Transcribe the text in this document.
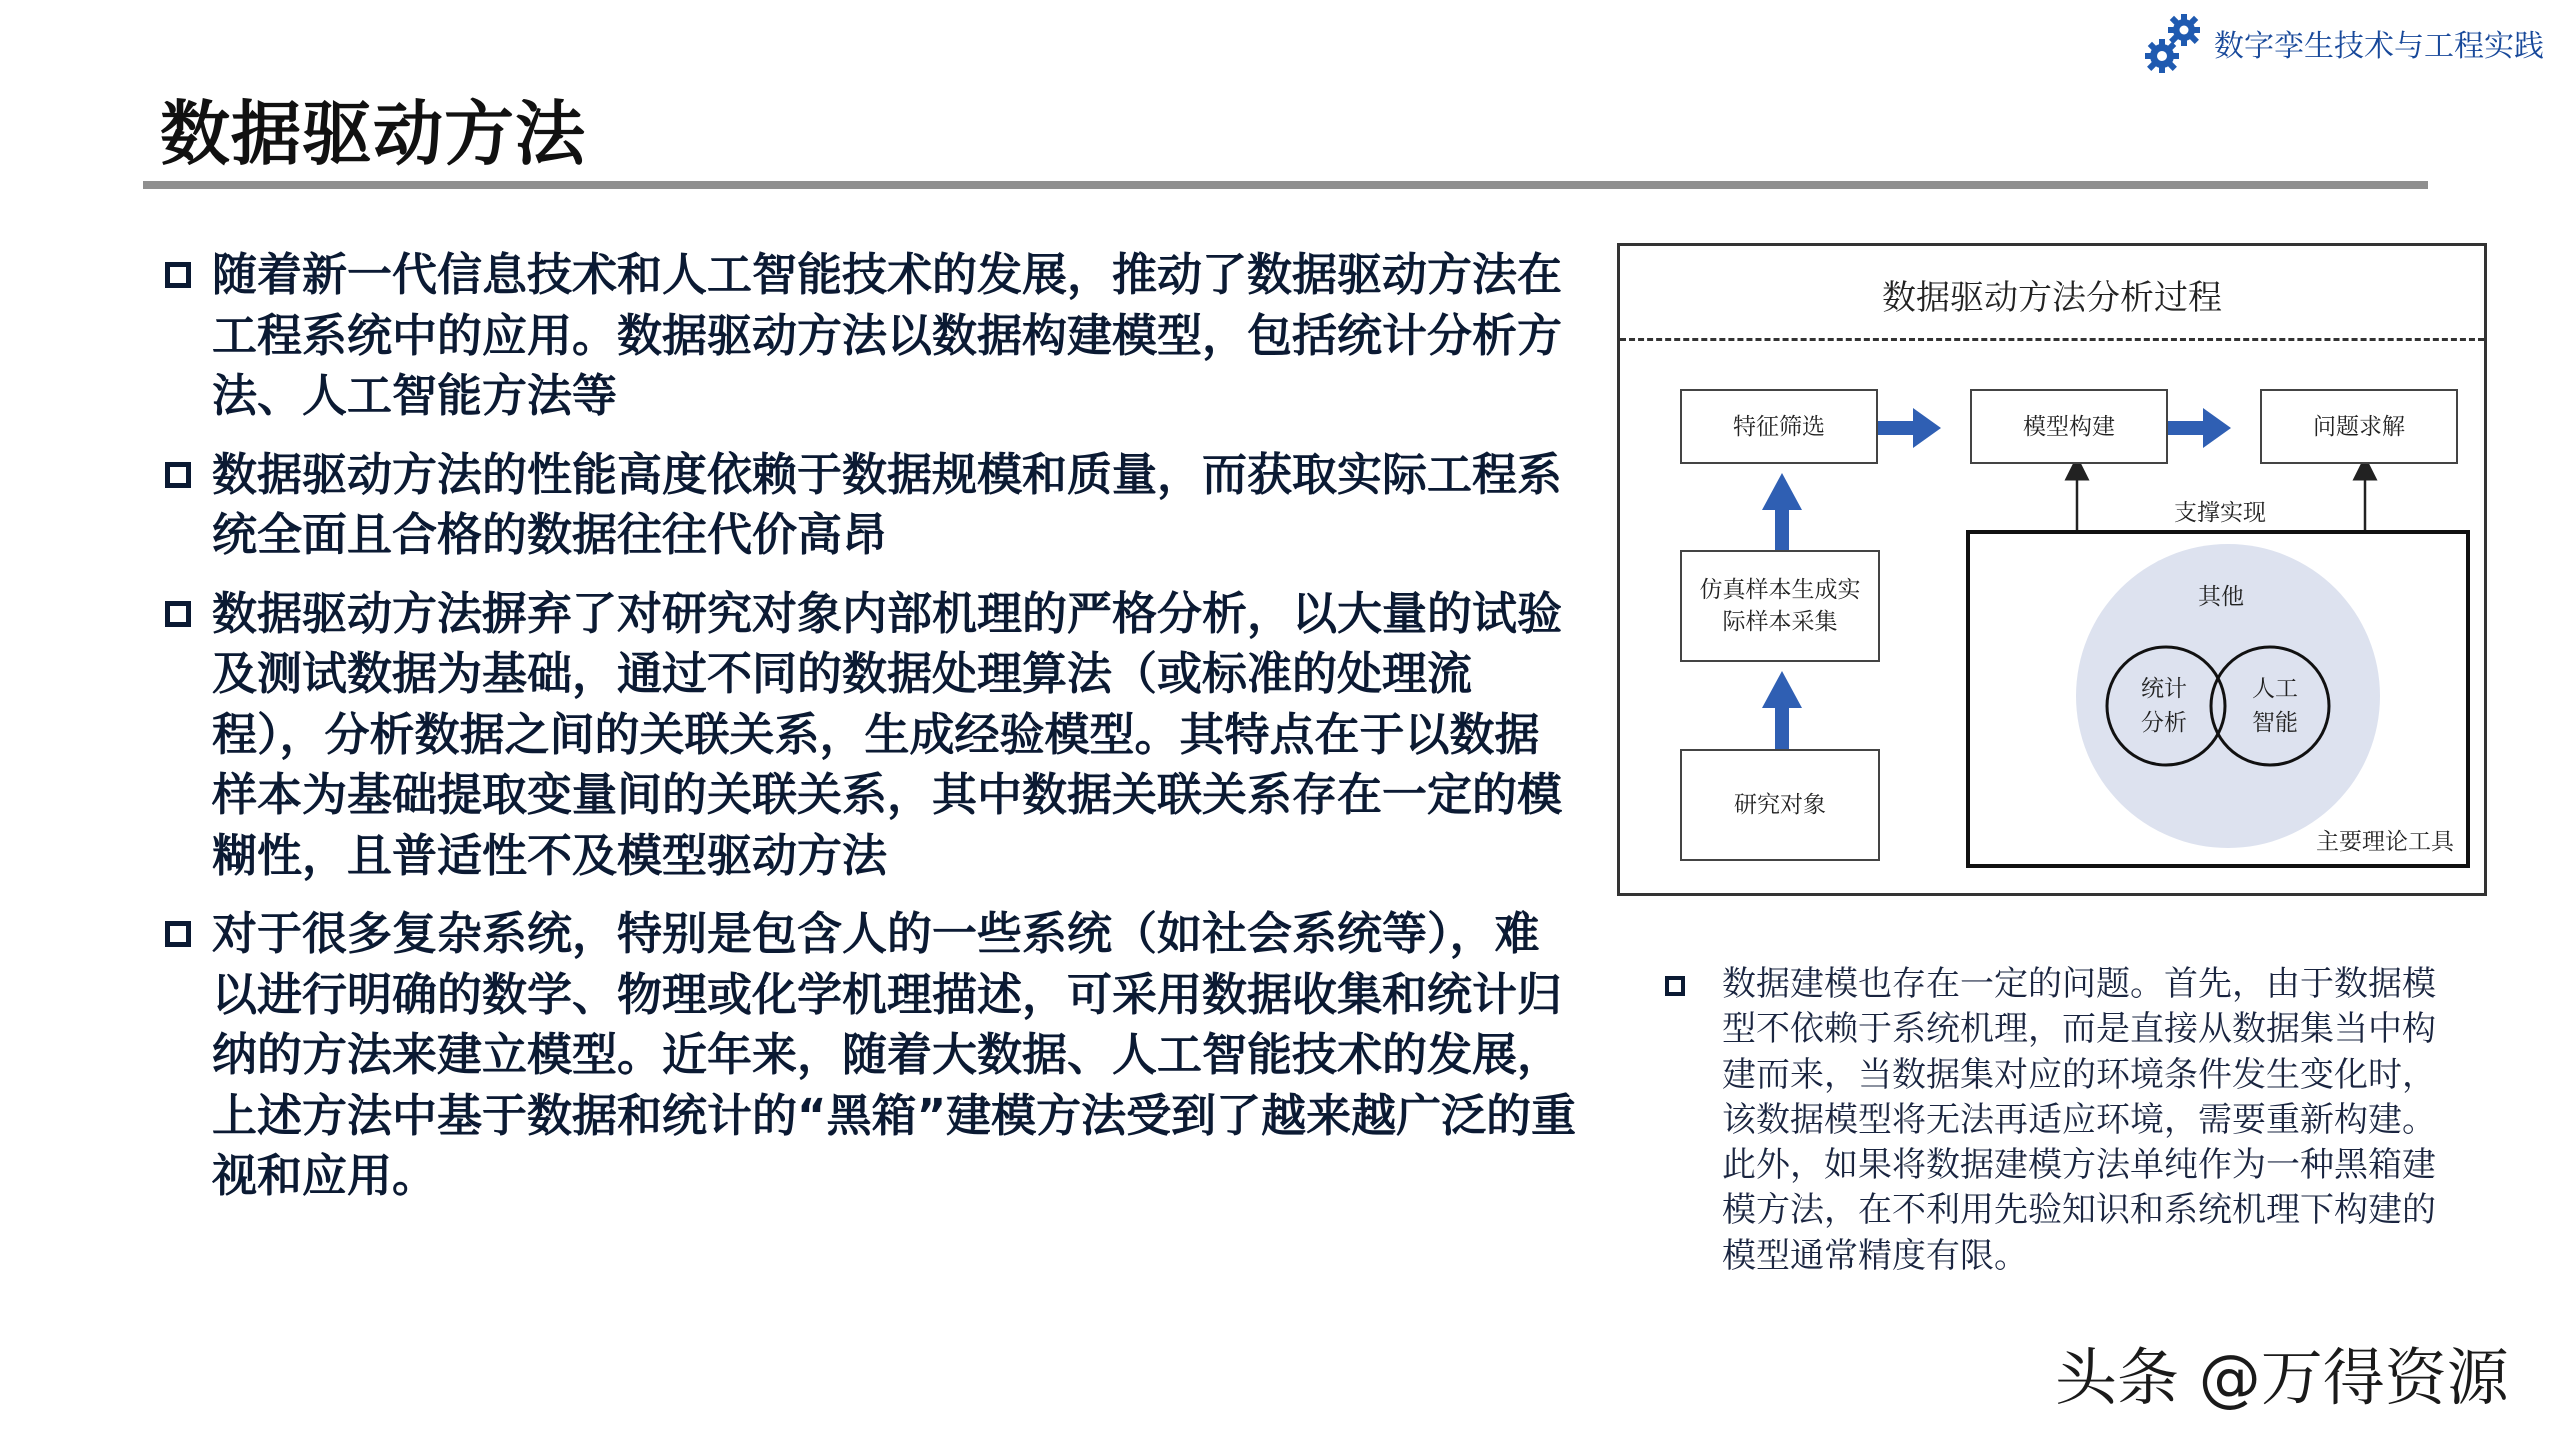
数字孪生技术与工程实践
数据驱动方法
随着新一代信息技术和人工智能技术的发展，推动了数据驱动方法在工程系统中的应用。数据驱动方法以数据构建模型，包括统计分析方法、人工智能方法等
数据驱动方法的性能高度依赖于数据规模和质量，而获取实际工程系统全面且合格的数据往往代价高昂
数据驱动方法摒弃了对研究对象内部机理的严格分析，以大量的试验及测试数据为基础，通过不同的数据处理算法（或标准的处理流程），分析数据之间的关联关系，生成经验模型。其特点在于以数据样本为基础提取变量间的关联关系，其中数据关联关系存在一定的模糊性，且普适性不及模型驱动方法
对于很多复杂系统，特别是包含人的一些系统（如社会系统等），难以进行明确的数学、物理或化学机理描述，可采用数据收集和统计归纳的方法来建立模型。近年来，随着大数据、人工智能技术的发展，上述方法中基于数据和统计的“黑箱”建模方法受到了越来越广泛的重视和应用。
数据驱动方法分析过程
特征筛选	模型构建	问题求解
仿真样本生成实际样本采集
研究对象
支撑实现
其他
统计分析
人工智能
主要理论工具
数据建模也存在一定的问题。首先，由于数据模型不依赖于系统机理，而是直接从数据集当中构建而来，当数据集对应的环境条件发生变化时，该数据模型将无法再适应环境，需要重新构建。此外，如果将数据建模方法单纯作为一种黑箱建模方法，在不利用先验知识和系统机理下构建的模型通常精度有限。
头条 @万得资源
